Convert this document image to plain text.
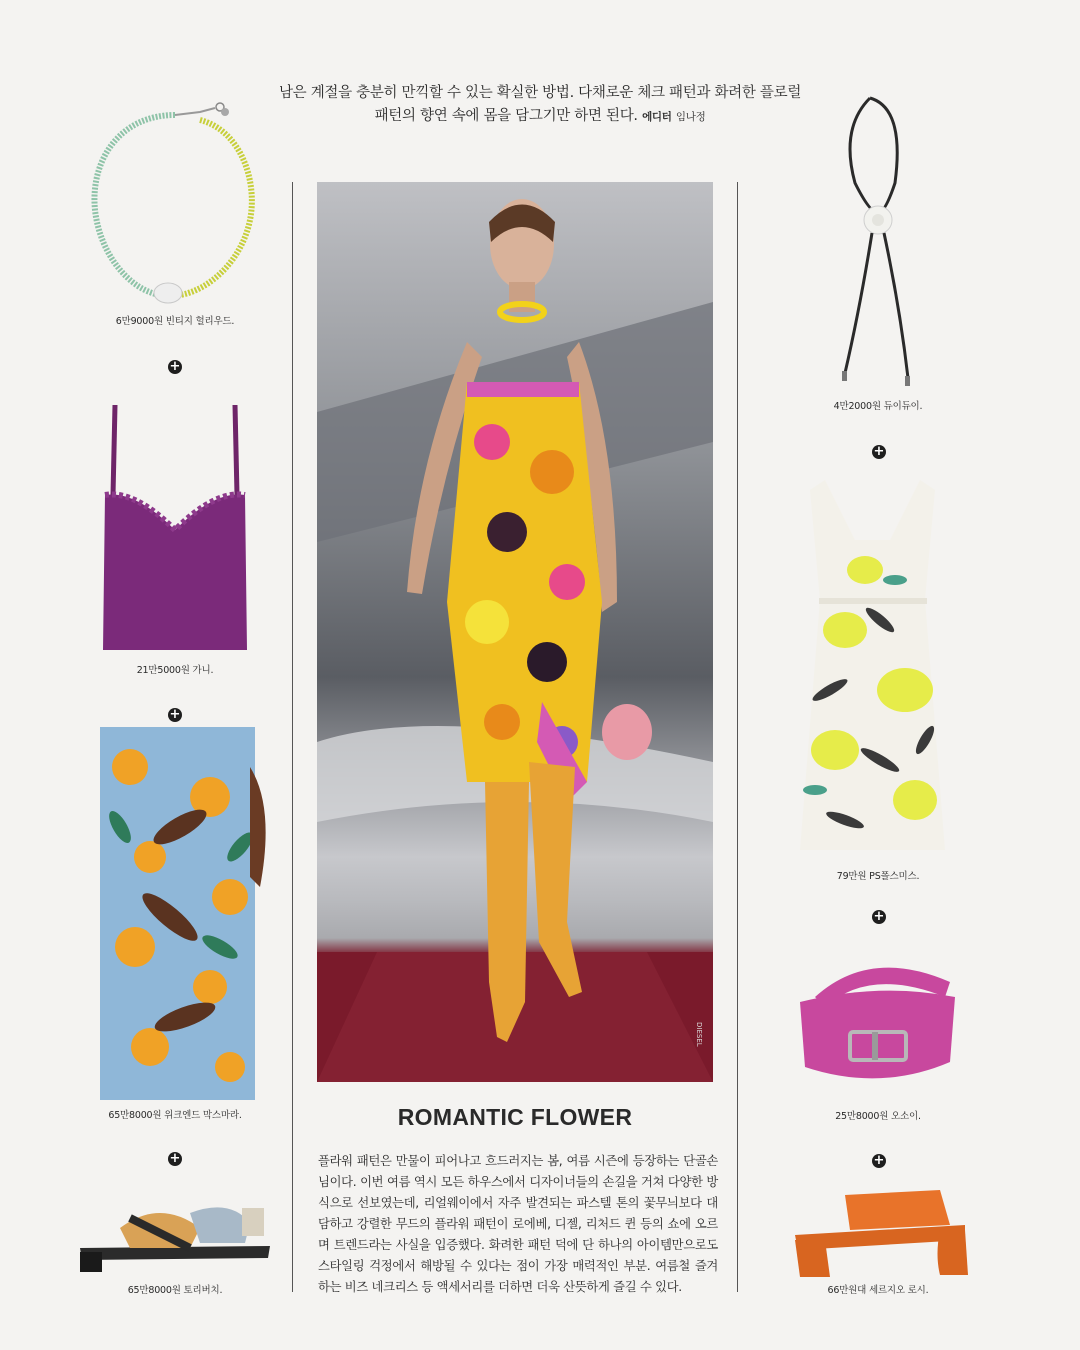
남은 계절을 충분히 만끽할 수 있는 확실한 방법. 다채로운 체크 패턴과 화려한 플로럴
패턴의 향연 속에 몸을 담그기만 하면 된다. 에디터 임나정
6만9000원 빈티지 헐리우드.
+
21만5000원 가니.
+
65만8000원 위크엔드 막스마라.
+
65만8000원 토리버치.
DIESEL
ROMANTIC FLOWER
플라워 패턴은 만물이 피어나고 흐드러지는 봄, 여름 시즌에 등장하는 단골손님이다. 이번 여름 역시 모든 하우스에서 디자이너들의 손길을 거쳐 다양한 방식으로 선보였는데, 리얼웨이에서 자주 발견되는 파스텔 톤의 꽃무늬보다 대담하고 강렬한 무드의 플라워 패턴이 로에베, 디젤, 리처드 퀸 등의 쇼에 오르며 트렌드라는 사실을 입증했다. 화려한 패턴 덕에 단 하나의 아이템만으로도 스타일링 걱정에서 해방될 수 있다는 점이 가장 매력적인 부분. 여름철 즐겨 하는 비즈 네크리스 등 액세서리를 더하면 더욱 산뜻하게 즐길 수 있다.
4만2000원 듀이듀이.
+
79만원 PS폴스미스.
+
25만8000원 오소이.
+
66만원대 세르지오 로시.
